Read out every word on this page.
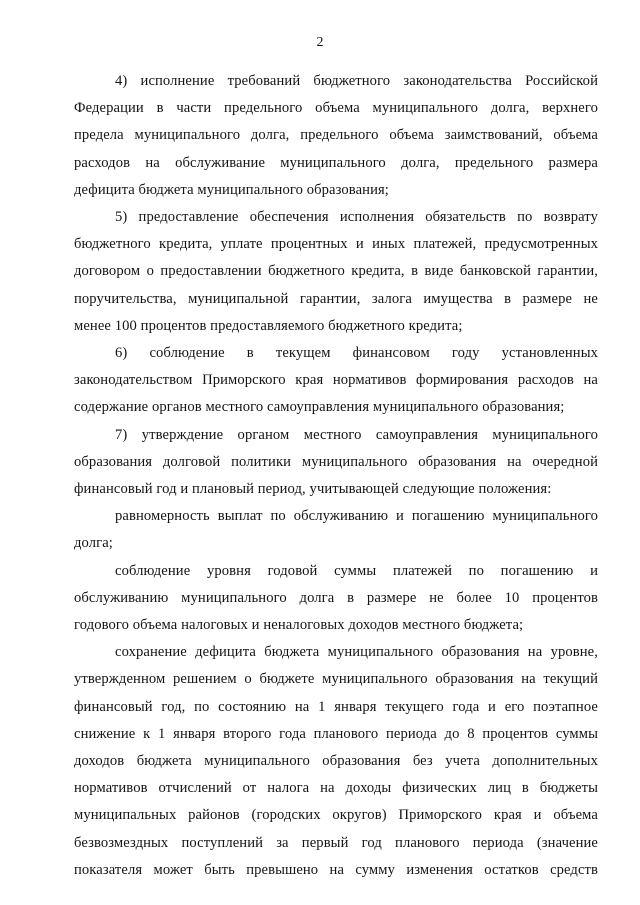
2

4) исполнение требований бюджетного законодательства Российской
Федерации в части предельного объема муниципального долга, верхнего
предела муниципального долга, предельного объема заимствований, объема
расходов на обслуживание муниципального долга, предельного размера
дефицита бюджета муниципального образования;

5) предоставление обеспечения исполнения обязательств по возврату
бюджетного кредита, уплате процентных и иных платежей, предусмотренных
договором о предоставлении бюджетного кредита, в виде банковской гарантии,
поручительства, муниципальной гарантии, залога имущества в размере не
менее 100 процентов предоставляемого бюджетного кредита;

6) соблюдение в текущем финансовом году установленных
законодательством Приморского края нормативов формирования расходов на
содержание органов местного самоуправления муниципального образования;

7) утверждение органом местного самоуправления муниципального
образования долговой политики муниципального образования на очередной
финансовый год и плановый период, учитывающей следующие положения:

равномерность выплат по обслуживанию и погашению муниципального
долга;

соблюдение уровня годовой суммы платежей по погашению и
обслуживанию муниципального долга в размере не более 10 процентов
годового объема налоговых и неналоговых доходов местного бюджета;

сохранение дефицита бюджета муниципального образования на уровне,
утвержденном решением о бюджете муниципального образования на текущий
финансовый год, по состоянию на 1 января текущего года и его поэтапное
снижение к 1 января второго года планового периода до 8 процентов суммы
доходов бюджета муниципального образования без учета дополнительных
нормативов отчислений от налога на доходы физических лиц в бюджеты
муниципальных районов (городских округов) Приморского края и объема
безвозмездных поступлений за первый год планового периода (значение
показателя может быть превышено на сумму изменения остатков средств
